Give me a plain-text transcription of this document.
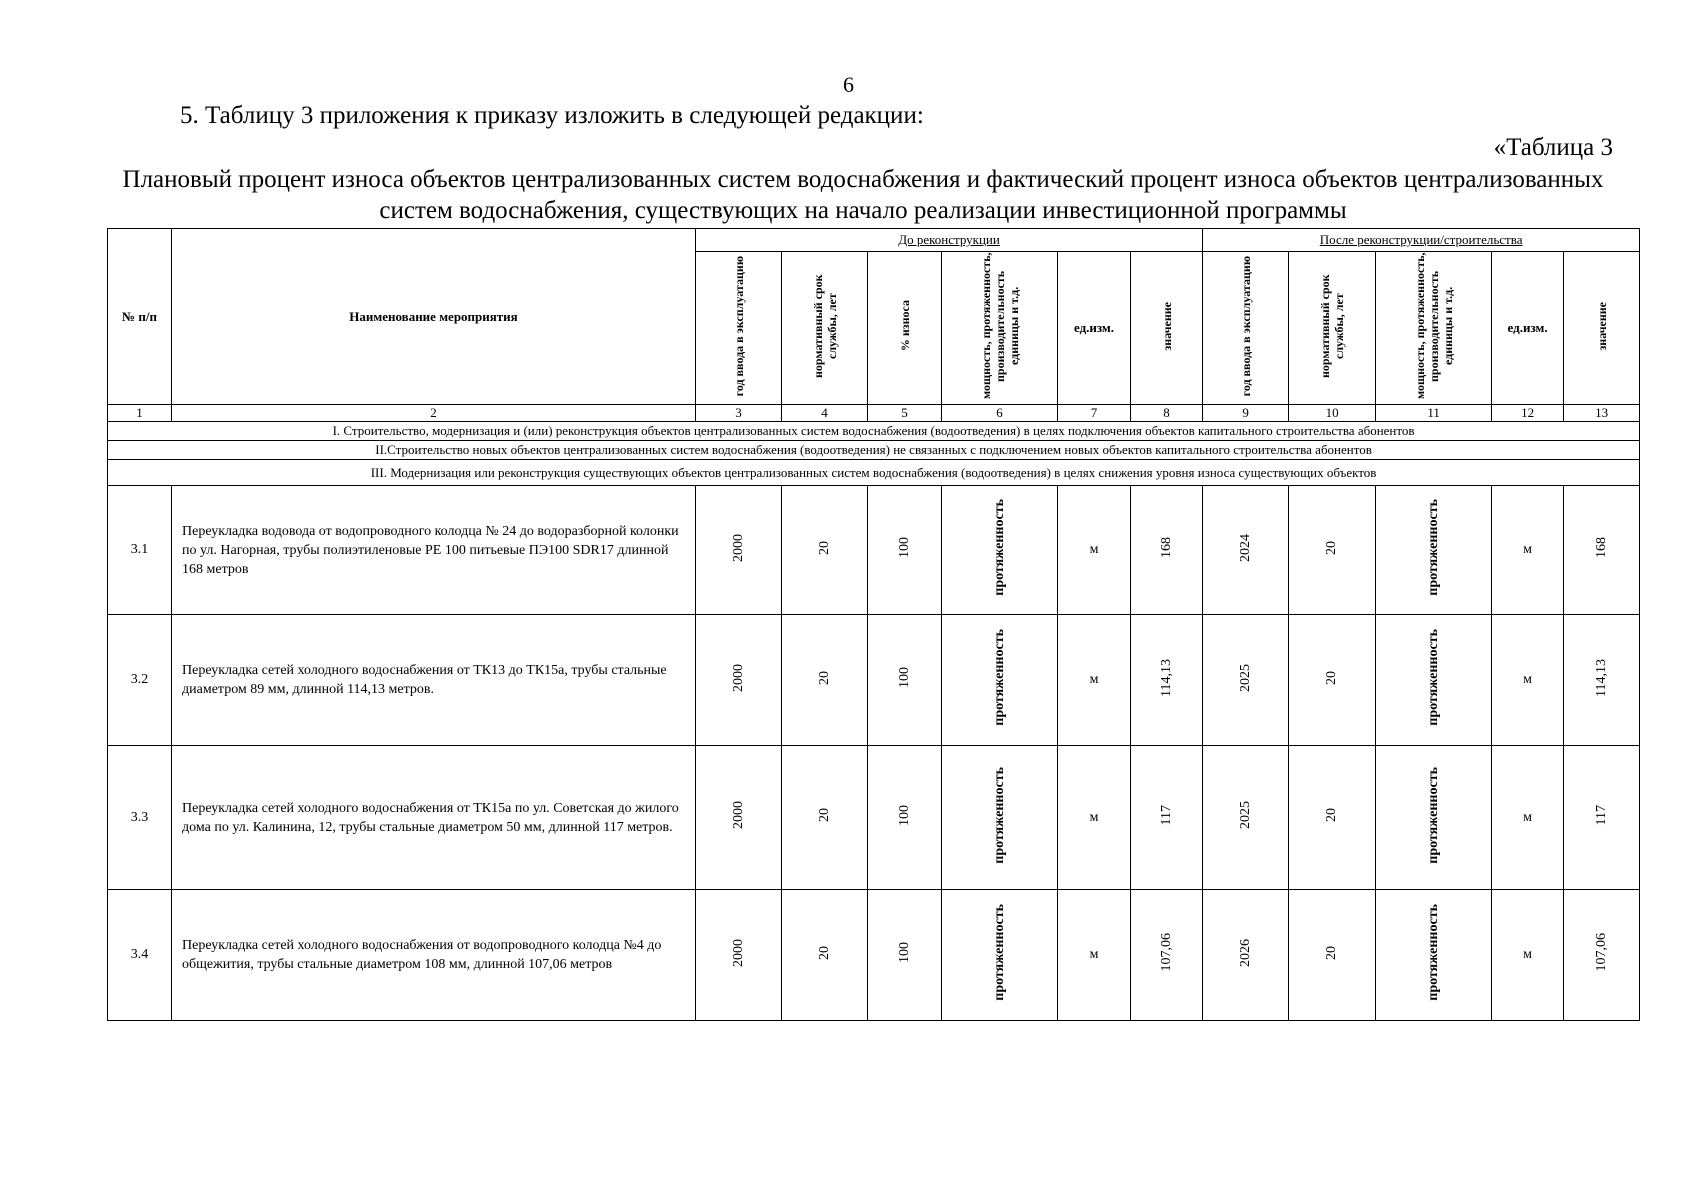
6
5. Таблицу 3 приложения к приказу изложить в следующей редакции:
«Таблица 3
Плановый процент износа объектов централизованных систем водоснабжения и фактический процент износа объектов централизованных систем водоснабжения, существующих на начало реализации инвестиционной программы
№ п/п	Наименование мероприятия	До реконструкции						После реконструкции/строительства				
		год ввода в эксплуатацию	нормативный срок службы, лет	% износа	мощность, протяженность, производительность единицы и т.д.	ед.изм.	значение	год ввода в эксплуатацию	нормативный срок службы, лет	мощность, протяженность, производительность единицы и т.д.	ед.изм.	значение
1	2	3	4	5	6	7	8	9	10	11	12	13
I. Строительство, модернизация и (или) реконструкция объектов централизованных систем водоснабжения (водоотведения) в целях подключения объектов капитального строительства абонентов												
II.Строительство новых объектов централизованных систем водоснабжения (водоотведения) не связанных с подключением новых объектов капитального строительства абонентов												
III. Модернизация или реконструкция существующих объектов централизованных систем водоснабжения (водоотведения) в целях снижения уровня износа существующих объектов												
3.1	Переукладка водовода от водопроводного колодца № 24 до водоразборной колонки по ул. Нагорная, трубы полиэтиленовые PE 100 питьевые ПЭ100 SDR17 длинной 168 метров	2000	20	100	протяженность	м	168	2024	20	протяженность	м	168
3.2	Переукладка сетей холодного водоснабжения от ТК13 до ТК15а, трубы стальные диаметром 89 мм, длинной 114,13 метров.	2000	20	100	протяженность	м	114,13	2025	20	протяженность	м	114,13
3.3	Переукладка сетей холодного водоснабжения от ТК15а по ул. Советская до жилого дома по ул. Калинина, 12, трубы стальные диаметром 50 мм, длинной 117 метров.	2000	20	100	протяженность	м	117	2025	20	протяженность	м	117
3.4	Переукладка сетей холодного водоснабжения от водопроводного колодца №4 до общежития, трубы стальные диаметром 108 мм, длинной 107,06 метров	2000	20	100	протяженность	м	107,06	2026	20	протяженность	м	107,06
